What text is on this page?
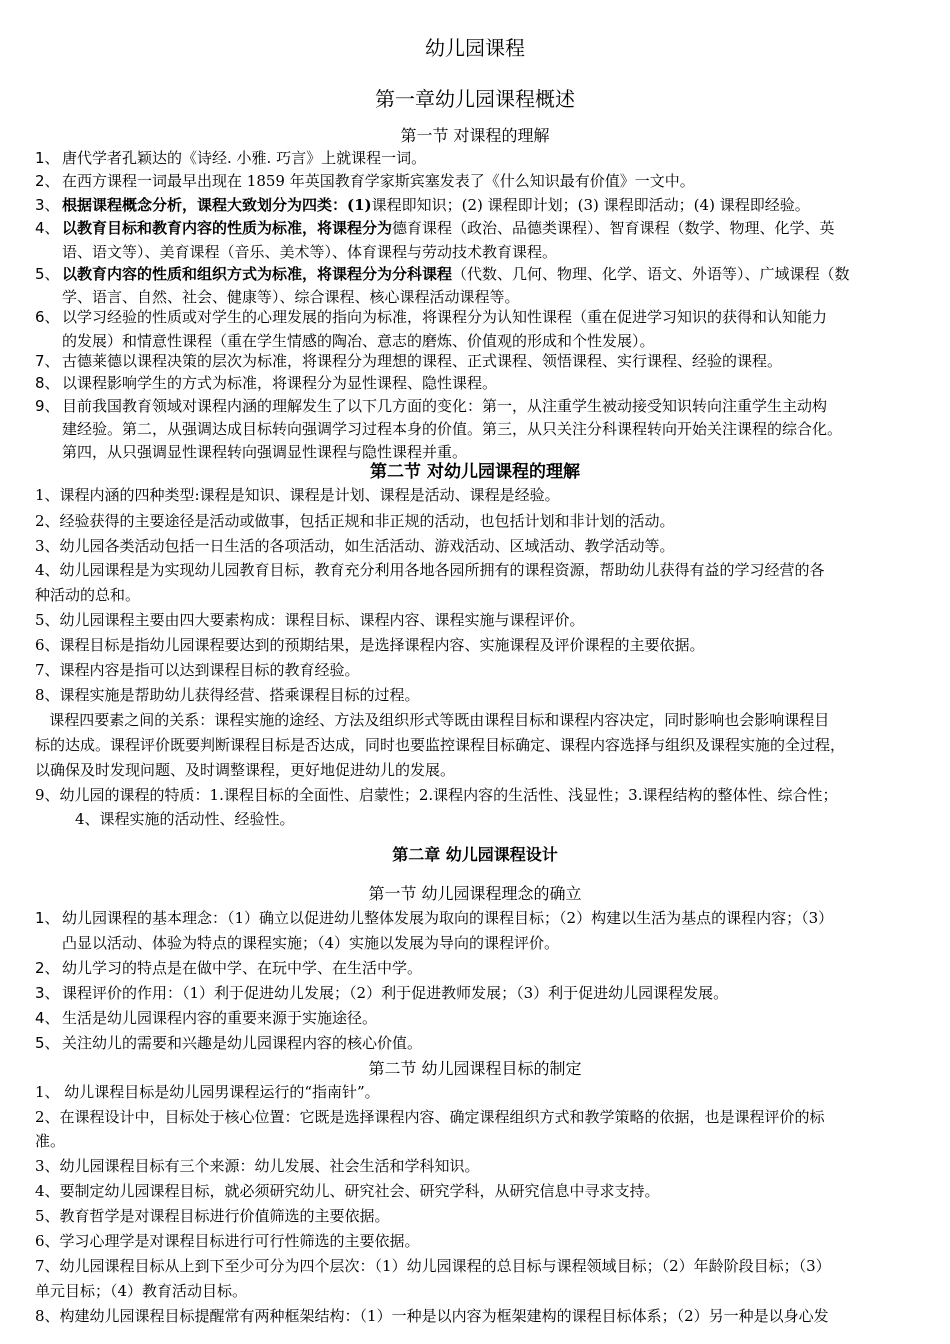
幼儿园课程
第一章幼儿园课程概述
第一节 对课程的理解
1、 唐代学者孔颖达的《诗经. 小雅. 巧言》上就课程一词。
2、 在西方课程一词最早出现在 1859 年英国教育学家斯宾塞发表了《什么知识最有价值》一文中。
3、 根据课程概念分析，课程大致划分为四类：(1)课程即知识；(2) 课程即计划；(3) 课程即活动；(4) 课程即经验。
4、 以教育目标和教育内容的性质为标准，将课程分为德育课程（政治、品德类课程）、智育课程（数学、物理、化学、英
语、语文等）、美育课程（音乐、美术等）、体育课程与劳动技术教育课程。
5、 以教育内容的性质和组织方式为标准，将课程分为分科课程（代数、几何、物理、化学、语文、外语等）、广域课程（数
学、语言、自然、社会、健康等）、综合课程、核心课程活动课程等。
6、 以学习经验的性质或对学生的心理发展的指向为标准，将课程分为认知性课程（重在促进学习知识的获得和认知能力
的发展）和情意性课程（重在学生情感的陶冶、意志的磨炼、价值观的形成和个性发展）。
7、 古德莱德以课程决策的层次为标准，将课程分为理想的课程、正式课程、领悟课程、实行课程、经验的课程。
8、 以课程影响学生的方式为标准，将课程分为显性课程、隐性课程。
9、 目前我国教育领域对课程内涵的理解发生了以下几方面的变化：第一，从注重学生被动接受知识转向注重学生主动构
建经验。第二，从强调达成目标转向强调学习过程本身的价值。第三，从只关注分科课程转向开始关注课程的综合化。
第四，从只强调显性课程转向强调显性课程与隐性课程并重。
第二节 对幼儿园课程的理解
1、课程内涵的四种类型:课程是知识、课程是计划、课程是活动、课程是经验。
2、经验获得的主要途径是活动或做事，包括正规和非正规的活动，也包括计划和非计划的活动。
3、幼儿园各类活动包括一日生活的各项活动，如生活活动、游戏活动、区域活动、教学活动等。
4、幼儿园课程是为实现幼儿园教育目标，教育充分利用各地各园所拥有的课程资源，帮助幼儿获得有益的学习经营的各
种活动的总和。
5、幼儿园课程主要由四大要素构成：课程目标、课程内容、课程实施与课程评价。
6、课程目标是指幼儿园课程要达到的预期结果，是选择课程内容、实施课程及评价课程的主要依据。
7、课程内容是指可以达到课程目标的教育经验。
8、课程实施是帮助幼儿获得经营、搭乘课程目标的过程。
课程四要素之间的关系：课程实施的途经、方法及组织形式等既由课程目标和课程内容决定，同时影响也会影响课程目
标的达成。课程评价既要判断课程目标是否达成，同时也要监控课程目标确定、课程内容选择与组织及课程实施的全过程，
以确保及时发现问题、及时调整课程，更好地促进幼儿的发展。
9、幼儿园的课程的特质：1.课程目标的全面性、启蒙性；2.课程内容的生活性、浅显性；3.课程结构的整体性、综合性；
4、课程实施的活动性、经验性。
第二章 幼儿园课程设计
第一节 幼儿园课程理念的确立
1、 幼儿园课程的基本理念：（1）确立以促进幼儿整体发展为取向的课程目标；（2）构建以生活为基点的课程内容；（3）
凸显以活动、体验为特点的课程实施；（4）实施以发展为导向的课程评价。
2、 幼儿学习的特点是在做中学、在玩中学、在生活中学。
3、 课程评价的作用：（1）利于促进幼儿发展；（2）利于促进教师发展；（3）利于促进幼儿园课程发展。
4、 生活是幼儿园课程内容的重要来源于实施途径。
5、 关注幼儿的需要和兴趣是幼儿园课程内容的核心价值。
第二节 幼儿园课程目标的制定
1、 幼儿课程目标是幼儿园男课程运行的“指南针”。
2、在课程设计中，目标处于核心位置：它既是选择课程内容、确定课程组织方式和教学策略的依据，也是课程评价的标
准。
3、幼儿园课程目标有三个来源：幼儿发展、社会生活和学科知识。
4、要制定幼儿园课程目标，就必须研究幼儿、研究社会、研究学科，从研究信息中寻求支持。
5、教育哲学是对课程目标进行价值筛选的主要依据。
6、学习心理学是对课程目标进行可行性筛选的主要依据。
7、幼儿园课程目标从上到下至少可分为四个层次：（1）幼儿园课程的总目标与课程领域目标；（2）年龄阶段目标；（3）
单元目标；（4）教育活动目标。
8、构建幼儿园课程目标提醒常有两种框架结构：（1）一种是以内容为框架建构的课程目标体系；（2）另一种是以身心发
